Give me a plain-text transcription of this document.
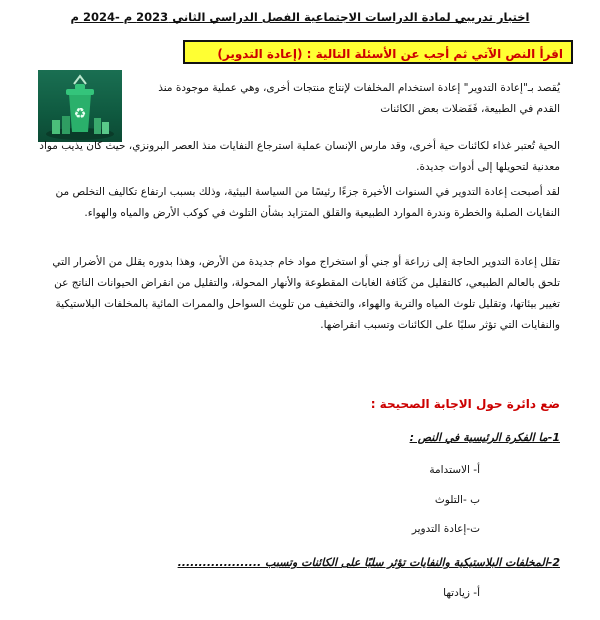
اختبار تدريبي لمادة الدراسات الاجتماعية الفصل الدراسي الثاني 2023 م -2024 م
اقرأ النص الآتي ثم أجب عن الأسئلة التالية : (إعادة التدوير)
♻
يُقصد بـ"إعادة التدوير" إعادة استخدام المخلفات لإنتاج منتجات أخرى، وهي عملية موجودة منذ القدم في الطبيعة، فَفَضلات بعض الكائنات
الحية تُعتبر غذاء لكائنات حية أخرى، وقد مارس الإنسان عملية استرجاع النفايات منذ العصر البرونزي، حيث كان يذيب مواد معدنية لتحويلها إلى أدوات جديدة.
لقد أصبحت إعادة التدوير في السنوات الأخيرة جزءًا رئيسًا من السياسة البيئية، وذلك بسبب ارتفاع تكاليف التخلص من النفايات الصلبة والخطرة وندرة الموارد الطبيعية والقلق المتزايد بشأن التلوث في كوكب الأرض والمياه والهواء.
تقلل إعادة التدوير الحاجة إلى زراعة أو جني أو استخراج مواد خام جديدة من الأرض، وهذا بدوره يقلل من الأضرار التي تلحق بالعالم الطبيعي، كالتقليل من كَثَافة الغابات المقطوعة والأنهار المحولة، والتقليل من انقراض الحيوانات الناتج عن تغيير بيئاتها، وتقليل تلوث المياه والتربة والهواء، والتخفيف من تلويث السواحل والممرات المائية بالمخلفات البلاستيكية والنفايات التي تؤثر سلبًا على الكائنات وتسبب انقراضها.
ضع دائرة حول الاجابة الصحيحة :
1-ما الفكرة الرئيسية في النص :
أ- الاستدامة
ب -التلوث
ت-إعادة التدوير
2-المخلفات البلاستيكية والنفايات تؤثر سلبًا على الكائنات وتسبب ....................
أ- زيادتها
